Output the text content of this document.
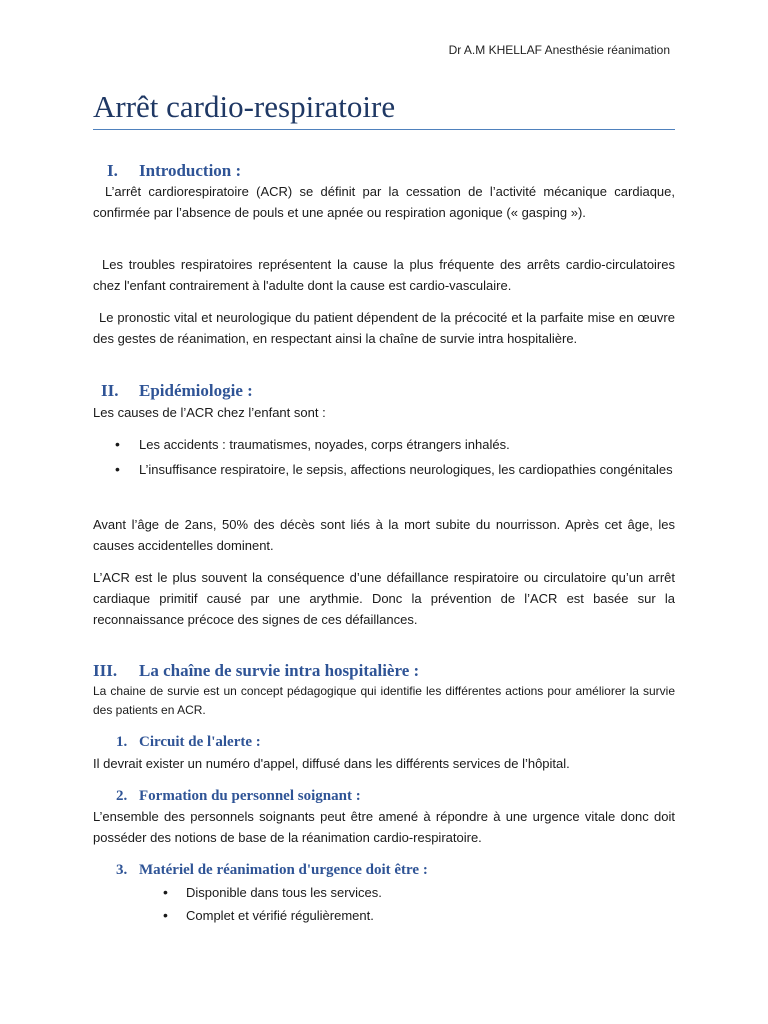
Dr A.M KHELLAF Anesthésie réanimation
Arrêt cardio-respiratoire
I.	Introduction :

L’arrêt cardiorespiratoire (ACR) se définit par la cessation de l’activité mécanique cardiaque, confirmée par l’absence de pouls et une apnée ou respiration agonique (« gasping »).

Les troubles respiratoires représentent la cause la plus fréquente des arrêts cardio-circulatoires chez l'enfant contrairement à l'adulte dont la cause est cardio-vasculaire.

Le pronostic vital et neurologique du patient dépendent de la précocité et la parfaite mise en œuvre des gestes de réanimation, en respectant ainsi la chaîne de survie intra hospitalière.

II.	Epidémiologie :

Les causes de l’ACR chez l’enfant sont :

• Les accidents : traumatismes, noyades, corps étrangers inhalés.
• L’insuffisance respiratoire, le sepsis, affections neurologiques, les cardiopathies congénitales

Avant l’âge de 2ans, 50% des décès sont liés à la mort subite du nourrisson. Après cet âge, les causes accidentelles dominent.

L’ACR est le plus souvent la conséquence d’une défaillance respiratoire ou circulatoire qu’un arrêt cardiaque primitif causé par une arythmie. Donc la prévention de l’ACR est basée sur la reconnaissance précoce des signes de ces défaillances.

III.	La chaîne de survie intra hospitalière :

La chaine de survie est un concept pédagogique qui identifie les différentes actions pour améliorer la survie des patients en ACR.

1. Circuit de l'alerte :

Il devrait exister un numéro d'appel, diffusé dans les différents services de l’hôpital.

2. Formation du personnel soignant :

L’ensemble des personnels soignants peut être amené à répondre à une urgence vitale donc doit posséder des notions de base de la réanimation cardio-respiratoire.

3. Matériel de réanimation d'urgence doit être :
• Disponible dans tous les services.
• Complet et vérifié régulièrement.
